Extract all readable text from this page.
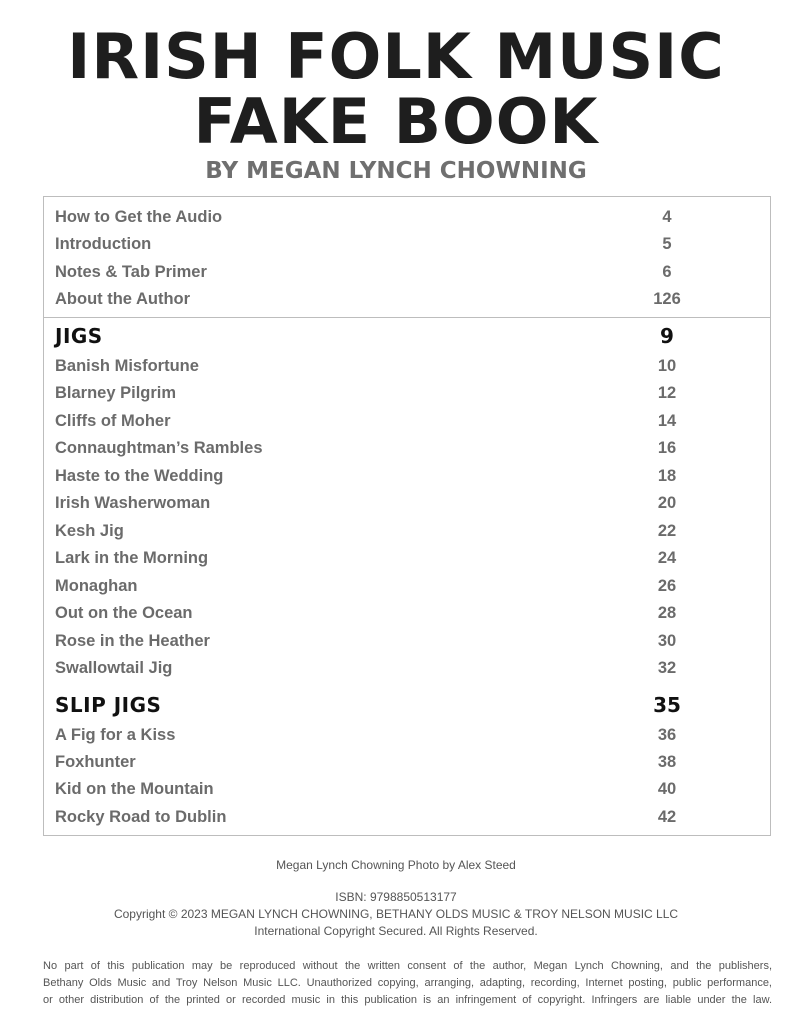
IRISH FOLK MUSIC
FAKE BOOK
BY MEGAN LYNCH CHOWNING
How to Get the Audio	4
Introduction	5
Notes & Tab Primer	6
About the Author	126
JIGS	9
Banish Misfortune	10
Blarney Pilgrim	12
Cliffs of Moher	14
Connaughtman’s Rambles	16
Haste to the Wedding	18
Irish Washerwoman	20
Kesh Jig	22
Lark in the Morning	24
Monaghan	26
Out on the Ocean	28
Rose in the Heather	30
Swallowtail Jig	32
SLIP JIGS	35
A Fig for a Kiss	36
Foxhunter	38
Kid on the Mountain	40
Rocky Road to Dublin	42
Megan Lynch Chowning Photo by Alex Steed
ISBN: 9798850513177
Copyright © 2023 MEGAN LYNCH CHOWNING, BETHANY OLDS MUSIC & TROY NELSON MUSIC LLC
International Copyright Secured. All Rights Reserved.
No part of this publication may be reproduced without the written consent of the author, Megan Lynch Chowning, and the publishers,
Bethany Olds Music and Troy Nelson Music LLC. Unauthorized copying, arranging, adapting, recording, Internet posting, public performance,
or other distribution of the printed or recorded music in this publication is an infringement of copyright. Infringers are liable under the law.
